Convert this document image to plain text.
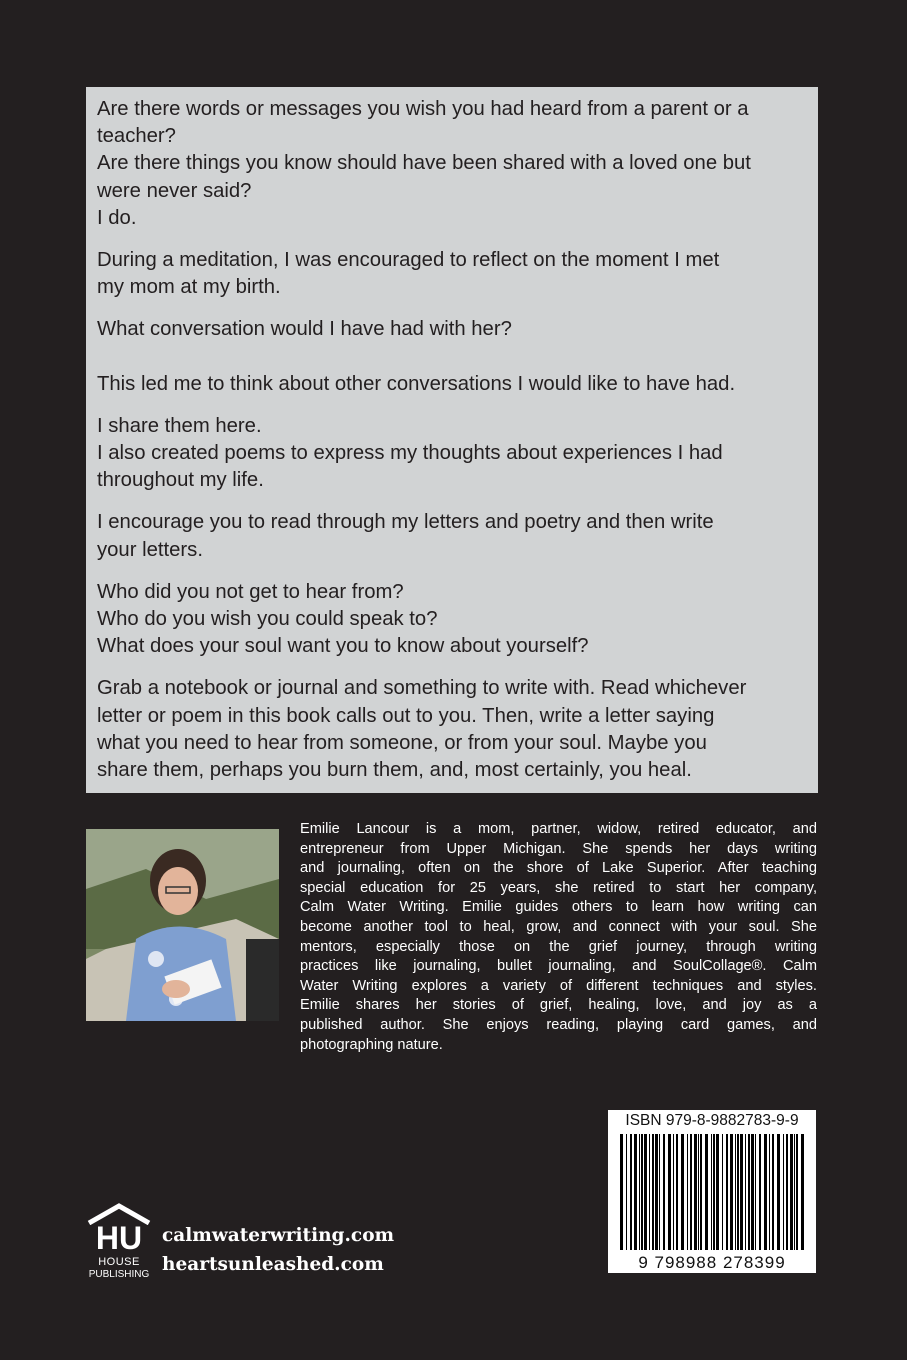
Are there words or messages you wish you had heard from a parent or a
teacher?
Are there things you know should have been shared with a loved one but
were never said?
I do.
During a meditation, I was encouraged to reflect on the moment I met
my mom at my birth.
What conversation would I have had with her?
This led me to think about other conversations I would like to have had.
I share them here.
I also created poems to express my thoughts about experiences I had
throughout my life.
I encourage you to read through my letters and poetry and then write
your letters.
Who did you not get to hear from?
Who do you wish you could speak to?
What does your soul want you to know about yourself?
Grab a notebook or journal and something to write with. Read whichever
letter or poem in this book calls out to you. Then, write a letter saying
what you need to hear from someone, or from your soul. Maybe you
share them, perhaps you burn them, and, most certainly, you heal.
Emilie Lancour is a mom, partner, widow, retired educator, and
entrepreneur from Upper Michigan. She spends her days writing
and journaling, often on the shore of Lake Superior. After teaching
special education for 25 years, she retired to start her company,
Calm Water Writing. Emilie guides others to learn how writing can
become another tool to heal, grow, and connect with your soul. She
mentors, especially those on the grief journey, through writing
practices like journaling, bullet journaling, and SoulCollage®. Calm
Water Writing explores a variety of different techniques and styles.
Emilie shares her stories of grief, healing, love, and joy as a
published author. She enjoys reading, playing card games, and
photographing nature.
ISBN 979-8-9882783-9-9
9 798988 278399
HU
HOUSE
PUBLISHING
calmwaterwriting.com
heartsunleashed.com
